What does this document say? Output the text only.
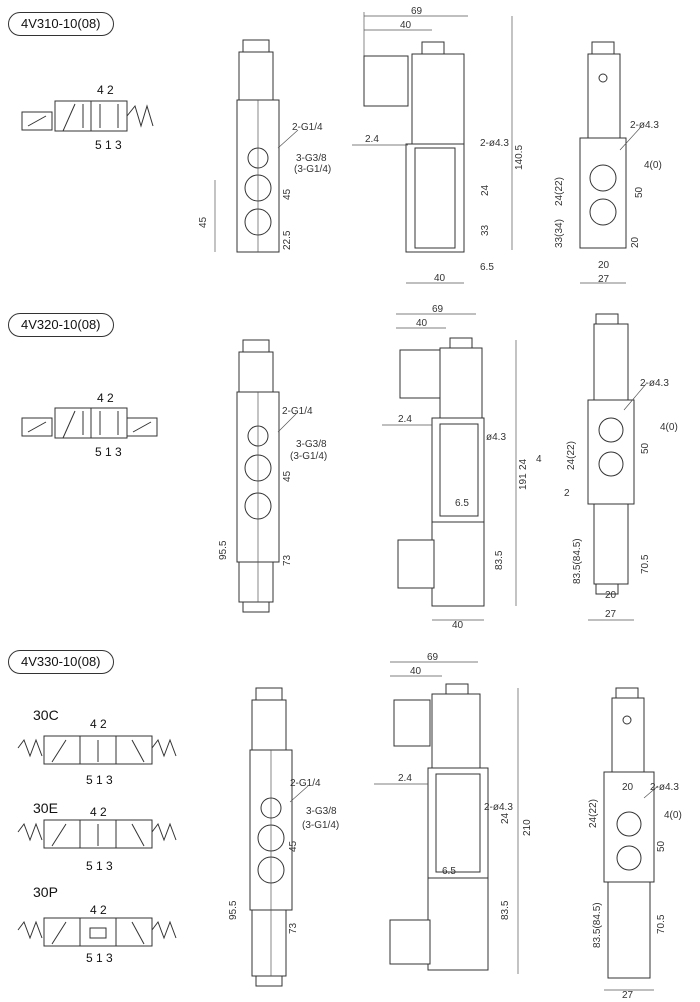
4V310-10(08)
4V320-10(08)
4V330-10(08)
30C
30E
30P
4 2
5 1 3
2-G1/4
3-G3/8
(3-G1/4)
45
45
22.5
69
40
2.4	2-ø4.3
140.5
24
33
6.5
40
2-ø4.3
4(0)
24(22)	50
33(34)	20
20
27
4 2
5 1 3
2-G1/4
3-G3/8
(3-G1/4)
45
95.5
73
69
40
2.4
ø4.3
24
191
6.5
83.5
40
4
2-ø4.3
4(0)
24(22)	50
83.5(84.5)	70.5
20
27
2
4 2
5 1 3
4 2
5 1 3
4 2
5 1 3
2-G1/4
3-G3/8
(3-G1/4)
45
95.5
73
69
40
2.4
2-ø4.3
24
210
6.5
83.5
20 2-ø4.3
4(0)
24(22)
50
83.5(84.5)	70.5
27
